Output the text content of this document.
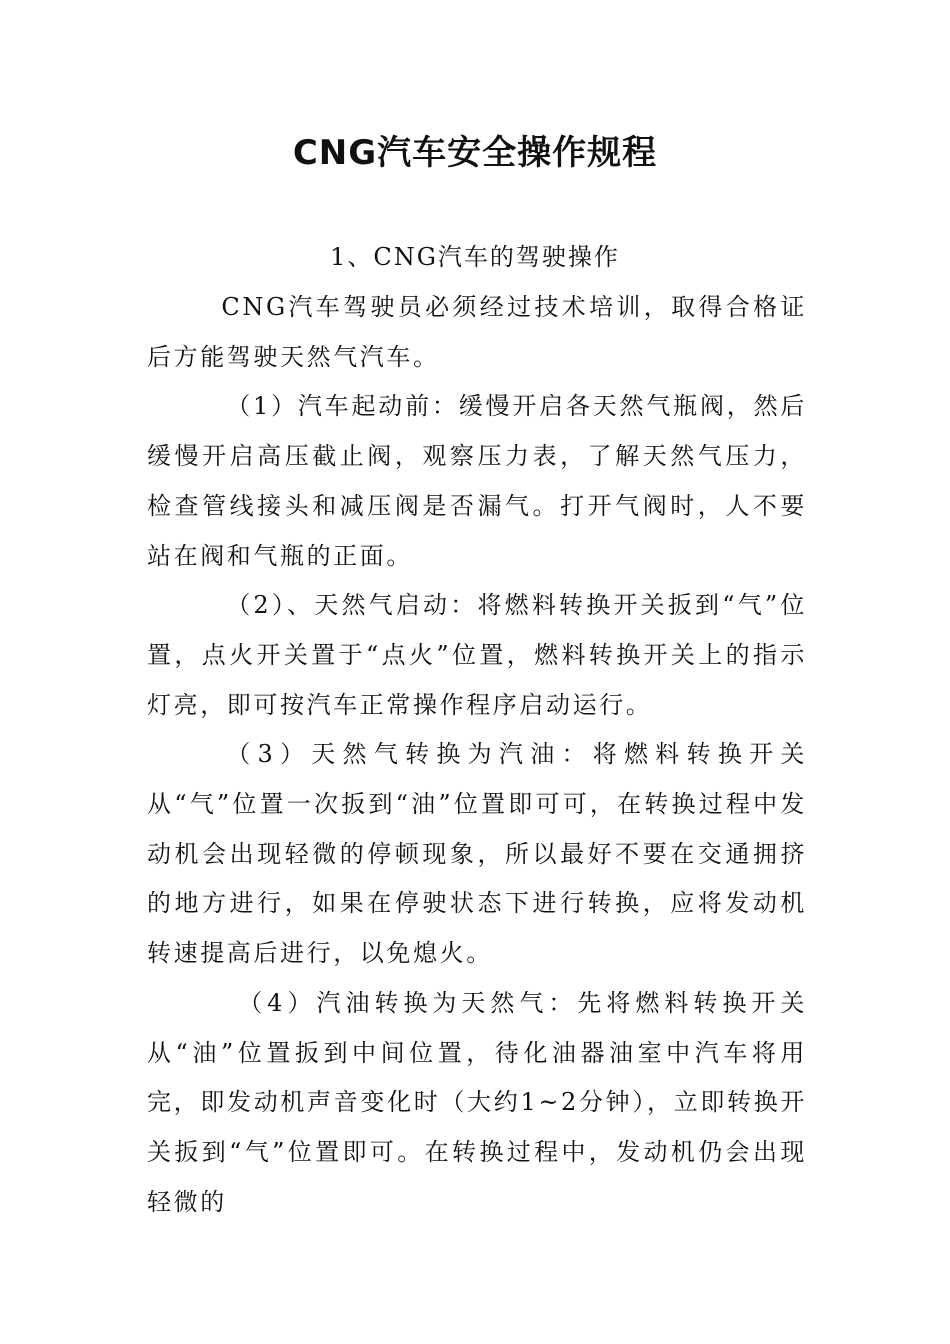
CNG汽车安全操作规程
1、CNG汽车的驾驶操作

CNG汽车驾驶员必须经过技术培训，取得合格证后方能驾驶天然气汽车。

（1）汽车起动前：缓慢开启各天然气瓶阀，然后缓慢开启高压截止阀，观察压力表，了解天然气压力，检查管线接头和减压阀是否漏气。打开气阀时，人不要站在阀和气瓶的正面。

（2）、天然气启动：将燃料转换开关扳到“气”位置，点火开关置于“点火”位置，燃料转换开关上的指示灯亮，即可按汽车正常操作程序启动运行。

（3）天然气转换为汽油：将燃料转换开关从“气”位置一次扳到“油”位置即可可，在转换过程中发动机会出现轻微的停顿现象，所以最好不要在交通拥挤的地方进行，如果在停驶状态下进行转换，应将发动机转速提高后进行，以免熄火。

（4）汽油转换为天然气：先将燃料转换开关从“油”位置扳到中间位置，待化油器油室中汽车将用完，即发动机声音变化时（大约1~2分钟），立即转换开关扳到“气”位置即可。在转换过程中，发动机仍会出现轻微的
